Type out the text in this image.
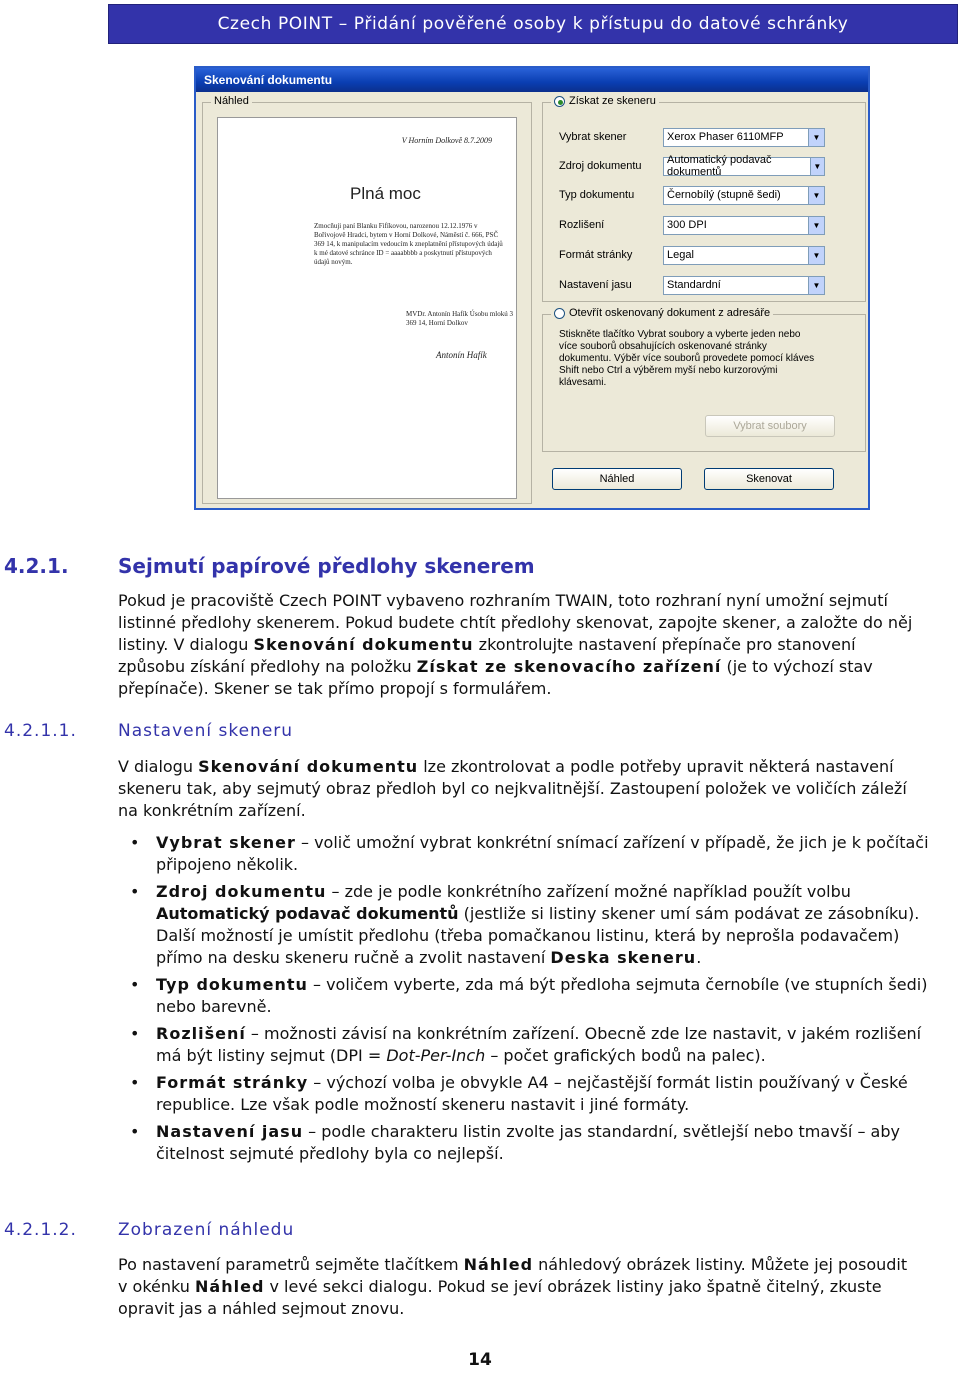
Czech POINT – Přidání pověřené osoby k přístupu do datové schránky
Skenování dokumentu
Náhled
V Horním Dolkově 8.7.2009
Plná moc
Zmocňuji paní Blanku Fifíkovou, narozenou 12.12.1976 v Bořivojově Hradci, bytem v Horní Dolkové, Náměstí č. 666, PSČ 369 14, k manipulacím vedoucím k zneplatnění přístupových údajů k mé datové schránce ID = aaaabbbb a poskytnutí přístupových údajů novým.
MVDr. Antonín Hafík Úsobu mlokú 3 369 14, Horní Dolkov
Antonín Hafík
Získat ze skeneru
Vybrat skener	Xerox Phaser 6110MFP	▼
Zdroj dokumentu	Automatický podavač dokumentů	▼
Typ dokumentu	Černobílý (stupně šedi)	▼
Rozlišení	300 DPI	▼
Formát stránky	Legal	▼
Nastavení jasu	Standardní	▼
Otevřít oskenovaný dokument z adresáře
Stiskněte tlačítko Vybrat soubory a vyberte jeden nebo více souborů obsahujících oskenované stránky dokumentu. Výběr více souborů provedete pomocí kláves Shift nebo Ctrl a výběrem myší nebo kurzorovými klávesami.
Vybrat soubory
Náhled	Skenovat
4.2.1. Sejmutí papírové předlohy skenerem

Pokud je pracoviště Czech POINT vybaveno rozhraním TWAIN, toto rozhraní nyní umožní sejmutí listinné předlohy skenerem. Pokud budete chtít předlohy skenovat, zapojte skener, a založte do něj listiny. V dialogu Skenování dokumentu zkontrolujte nastavení přepínače pro stanovení způsobu získání předlohy na položku Získat ze skenovacího zařízení (je to výchozí stav přepínače). Skener se tak přímo propojí s formulářem.

4.2.1.1. Nastavení skeneru

V dialogu Skenování dokumentu lze zkontrolovat a podle potřeby upravit některá nastavení skeneru tak, aby sejmutý obraz předloh byl co nejkvalitnější. Zastoupení položek ve voličích záleží na konkrétním zařízení.

• Vybrat skener – volič umožní vybrat konkrétní snímací zařízení v případě, že jich je k počítači připojeno několik.
• Zdroj dokumentu – zde je podle konkrétního zařízení možné například použít volbu Automatický podavač dokumentů (jestliže si listiny skener umí sám podávat ze zásobníku). Další možností je umístit předlohu (třeba pomačkanou listinu, která by neprošla podavačem) přímo na desku skeneru ručně a zvolit nastavení Deska skeneru.
• Typ dokumentu – voličem vyberte, zda má být předloha sejmuta černobíle (ve stupních šedi) nebo barevně.
• Rozlišení – možnosti závisí na konkrétním zařízení. Obecně zde lze nastavit, v jakém rozlišení má být listiny sejmut (DPI = Dot-Per-Inch – počet grafických bodů na palec).
• Formát stránky – výchozí volba je obvykle A4 – nejčastější formát listin používaný v České republice. Lze však podle možností skeneru nastavit i jiné formáty.
• Nastavení jasu – podle charakteru listin zvolte jas standardní, světlejší nebo tmavší – aby čitelnost sejmuté předlohy byla co nejlepší.
4.2.1.2. Zobrazení náhledu

Po nastavení parametrů sejměte tlačítkem Náhled náhledový obrázek listiny. Můžete jej posoudit v okénku Náhled v levé sekci dialogu. Pokud se jeví obrázek listiny jako špatně čitelný, zkuste opravit jas a náhled sejmout znovu.

14
